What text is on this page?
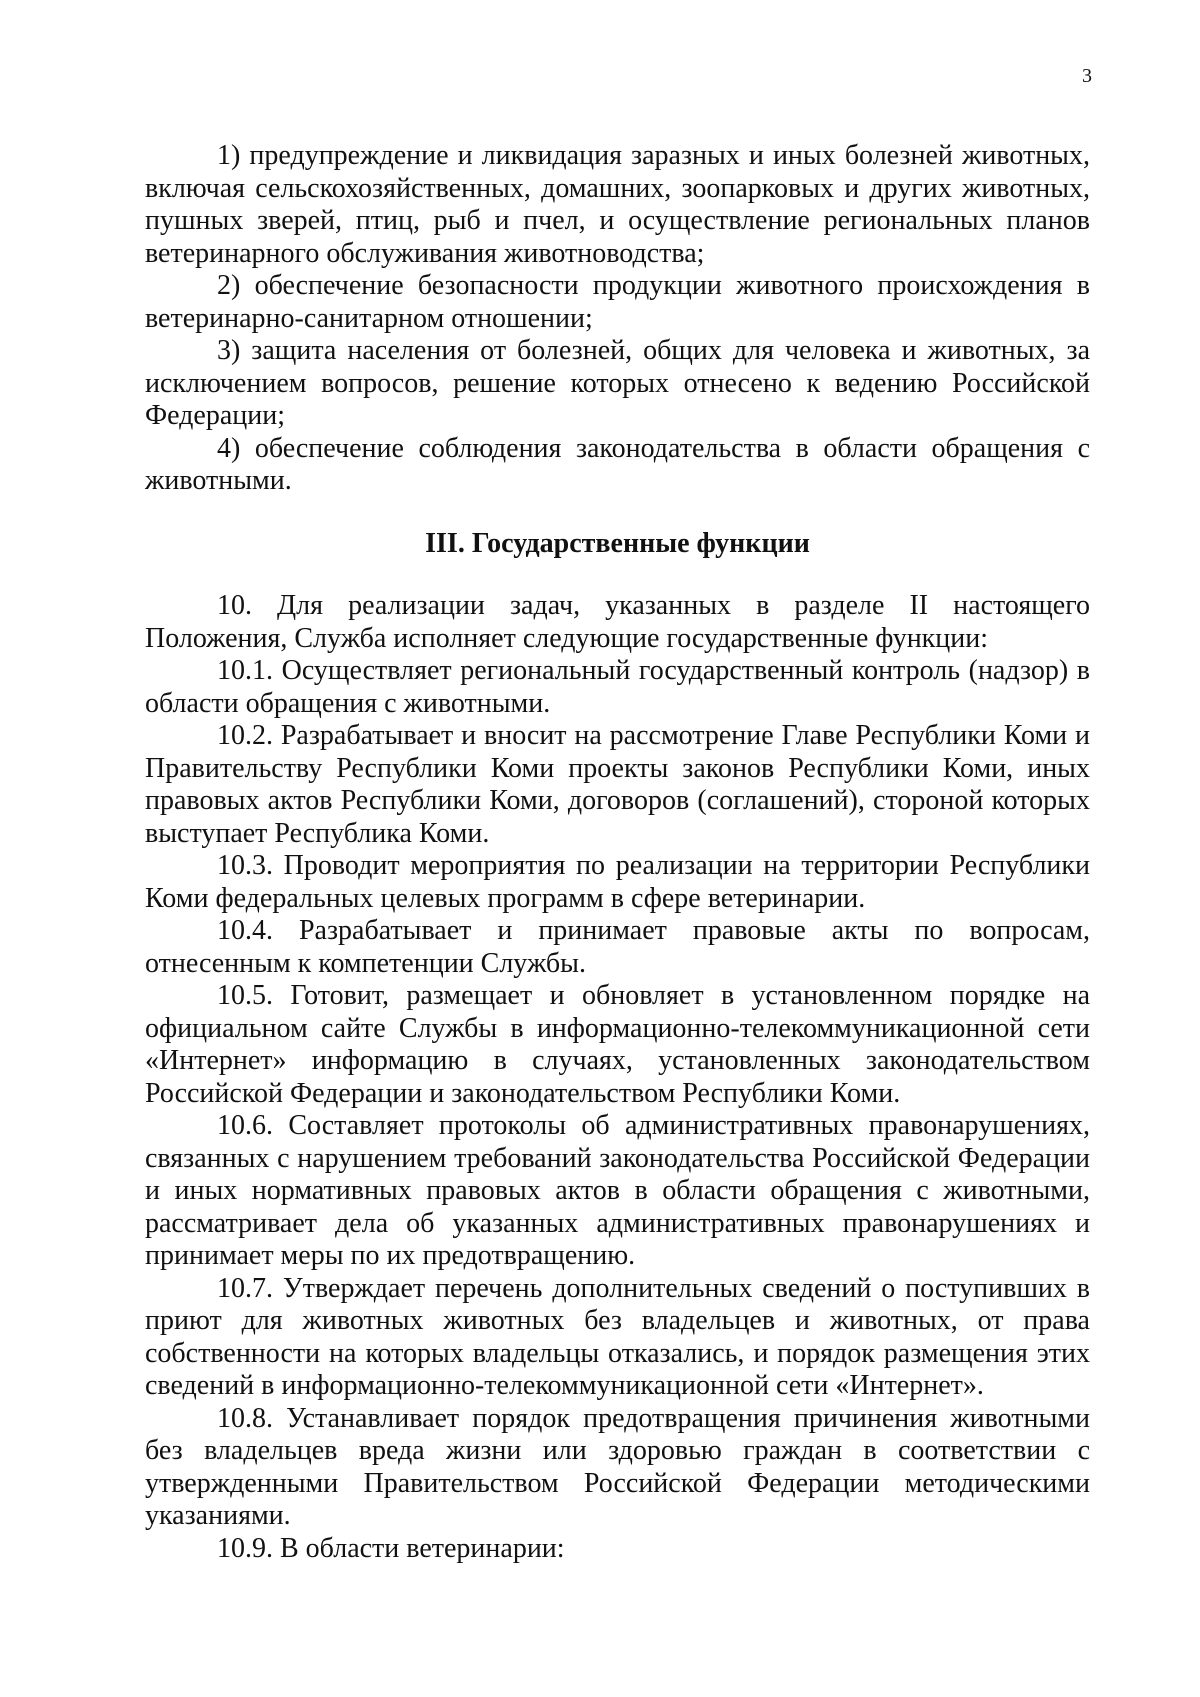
3

1) предупреждение и ликвидация заразных и иных болезней животных, включая сельскохозяйственных, домашних, зоопарковых и других животных, пушных зверей, птиц, рыб и пчел, и осуществление региональных планов ветеринарного обслуживания животноводства;

2) обеспечение безопасности продукции животного происхождения в ветеринарно-санитарном отношении;

3) защита населения от болезней, общих для человека и животных, за исключением вопросов, решение которых отнесено к ведению Российской Федерации;

4) обеспечение соблюдения законодательства в области обращения с животными.

III. Государственные функции

10. Для реализации задач, указанных в разделе II настоящего Положения, Служба исполняет следующие государственные функции:

10.1. Осуществляет региональный государственный контроль (надзор) в области обращения с животными.

10.2. Разрабатывает и вносит на рассмотрение Главе Республики Коми и Правительству Республики Коми проекты законов Республики Коми, иных правовых актов Республики Коми, договоров (соглашений), стороной которых выступает Республика Коми.

10.3. Проводит мероприятия по реализации на территории Республики Коми федеральных целевых программ в сфере ветеринарии.

10.4. Разрабатывает и принимает правовые акты по вопросам, отнесенным к компетенции Службы.

10.5. Готовит, размещает и обновляет в установленном порядке на официальном сайте Службы в информационно-телекоммуникационной сети «Интернет» информацию в случаях, установленных законодательством Российской Федерации и законодательством Республики Коми.

10.6. Составляет протоколы об административных правонарушениях, связанных с нарушением требований законодательства Российской Федерации и иных нормативных правовых актов в области обращения с животными, рассматривает дела об указанных административных правонарушениях и принимает меры по их предотвращению.

10.7. Утверждает перечень дополнительных сведений о поступивших в приют для животных животных без владельцев и животных, от права собственности на которых владельцы отказались, и порядок размещения этих сведений в информационно-телекоммуникационной сети «Интернет».

10.8. Устанавливает порядок предотвращения причинения животными без владельцев вреда жизни или здоровью граждан в соответствии с утвержденными Правительством Российской Федерации методическими указаниями.

10.9. В области ветеринарии:
